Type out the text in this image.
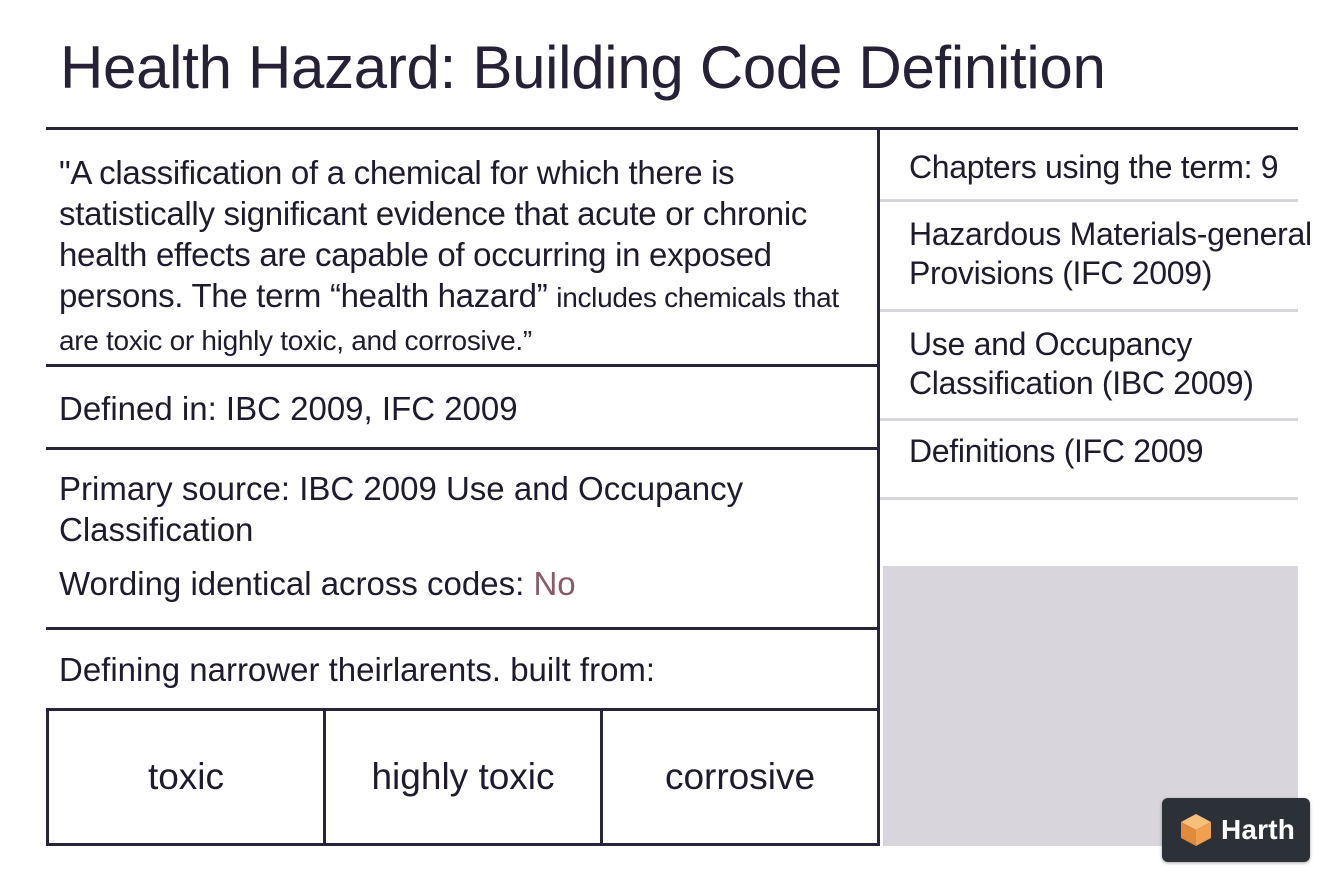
Health Hazard: Building Code Definition

"A classification of a chemical for which there is statistically significant evidence that acute or chronic health effects are capable of occurring in exposed persons. The term “health hazard” includes chemicals that are toxic or highly toxic, and corrosive.”

Defined in: IBC 2009, IFC 2009
Primary source: IBC 2009 Use and Occupancy Classification
Wording identical across codes: No
Defining narrower theirlarents. built from:
toxic	highly toxic	corrosive
Chapters using the term: 9
Hazardous Materials-general
Provisions (IFC 2009)
Use and Occupancy
Classification (IBC 2009)
Definitions (IFC 2009
Harth
